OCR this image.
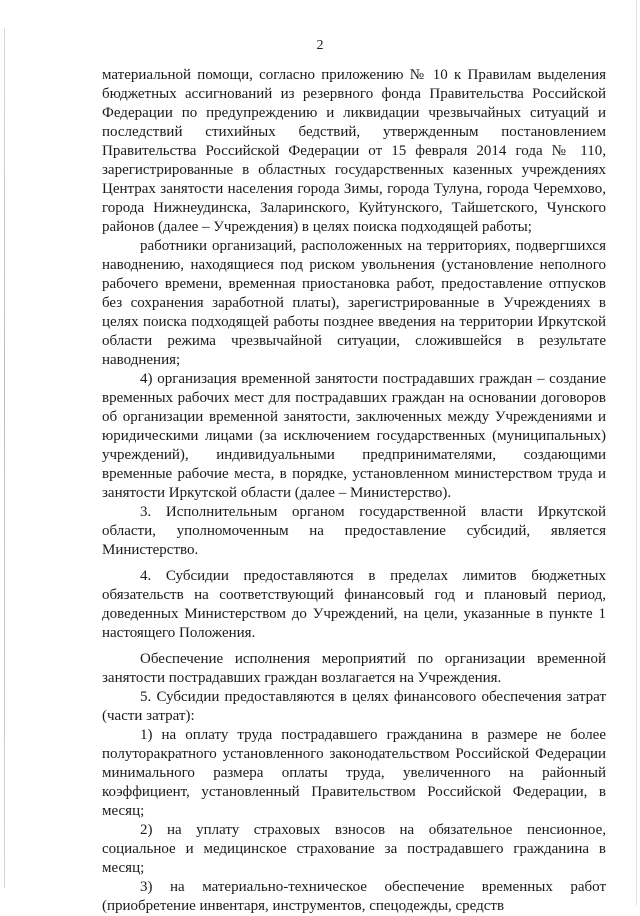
2

материальной помощи, согласно приложению № 10 к Правилам выделения бюджетных ассигнований из резервного фонда Правительства Российской Федерации по предупреждению и ликвидации чрезвычайных ситуаций и последствий стихийных бедствий, утвержденным постановлением Правительства Российской Федерации от 15 февраля 2014 года № 110, зарегистрированные в областных государственных казенных учреждениях Центрах занятости населения города Зимы, города Тулуна, города Черемхово, города Нижнеудинска, Заларинского, Куйтунского, Тайшетского, Чунского районов (далее – Учреждения) в целях поиска подходящей работы;

работники организаций, расположенных на территориях, подвергшихся наводнению, находящиеся под риском увольнения (установление неполного рабочего времени, временная приостановка работ, предоставление отпусков без сохранения заработной платы), зарегистрированные в Учреждениях в целях поиска подходящей работы позднее введения на территории Иркутской области режима чрезвычайной ситуации, сложившейся в результате наводнения;

4) организация временной занятости пострадавших граждан – создание временных рабочих мест для пострадавших граждан на основании договоров об организации временной занятости, заключенных между Учреждениями и юридическими лицами (за исключением государственных (муниципальных) учреждений), индивидуальными предпринимателями, создающими временные рабочие места, в порядке, установленном министерством труда и занятости Иркутской области (далее – Министерство).

3. Исполнительным органом государственной власти Иркутской области, уполномоченным на предоставление субсидий, является Министерство.

4. Субсидии предоставляются в пределах лимитов бюджетных обязательств на соответствующий финансовый год и плановый период, доведенных Министерством до Учреждений, на цели, указанные в пункте 1 настоящего Положения.

Обеспечение исполнения мероприятий по организации временной занятости пострадавших граждан возлагается на Учреждения.

5. Субсидии предоставляются в целях финансового обеспечения затрат (части затрат):

1) на оплату труда пострадавшего гражданина в размере не более полуторакратного установленного законодательством Российской Федерации минимального размера оплаты труда, увеличенного на районный коэффициент, установленный Правительством Российской Федерации, в месяц;

2) на уплату страховых взносов на обязательное пенсионное, социальное и медицинское страхование за пострадавшего гражданина в месяц;

3) на материально-техническое обеспечение временных работ (приобретение инвентаря, инструментов, спецодежды, средств
